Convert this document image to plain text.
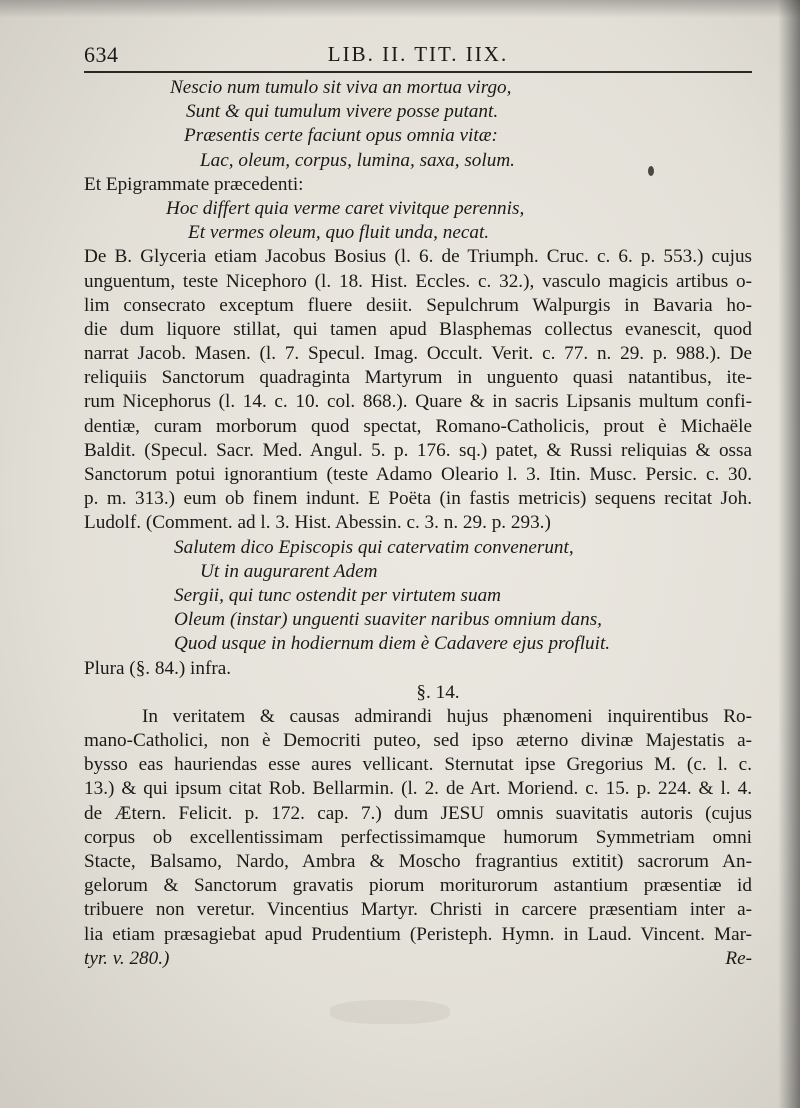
634	LIB. II. TIT. IIX.
Nescio num tumulo sit viva an mortua virgo,
Sunt & qui tumulum vivere posse putant.
Præsentis certe faciunt opus omnia vitæ:
Lac, oleum, corpus, lumina, saxa, solum.
Et Epigrammate præcedenti:
Hoc differt quia verme caret vivitque perennis,
Et vermes oleum, quo fluit unda, necat.
De B. Glyceria etiam Jacobus Bosius (l. 6. de Triumph. Cruc. c. 6. p. 553.) cujus
unguentum, teste Nicephoro (l. 18. Hist. Eccles. c. 32.), vasculo magicis artibus o-
lim consecrato exceptum fluere desiit. Sepulchrum Walpurgis in Bavaria ho-
die dum liquore stillat, qui tamen apud Blasphemas collectus evanescit, quod
narrat Jacob. Masen. (l. 7. Specul. Imag. Occult. Verit. c. 77. n. 29. p. 988.). De
reliquiis Sanctorum quadraginta Martyrum in unguento quasi natantibus, ite-
rum Nicephorus (l. 14. c. 10. col. 868.). Quare & in sacris Lipsanis multum confi-
dentiæ, curam morborum quod spectat, Romano-Catholicis, prout è Michaële
Baldit. (Specul. Sacr. Med. Angul. 5. p. 176. sq.) patet, & Russi reliquias & ossa
Sanctorum potui ignorantium (teste Adamo Oleario l. 3. Itin. Musc. Persic. c. 30.
p. m. 313.) eum ob finem indunt. E Poëta (in fastis metricis) sequens recitat Joh.
Ludolf. (Comment. ad l. 3. Hist. Abessin. c. 3. n. 29. p. 293.)
Salutem dico Episcopis qui catervatim convenerunt,
Ut in augurarent Adem
Sergii, qui tunc ostendit per virtutem suam
Oleum (instar) unguenti suaviter naribus omnium dans,
Quod usque in hodiernum diem è Cadavere ejus profluit.
Plura (§. 84.) infra.
§. 14.
In veritatem & causas admirandi hujus phænomeni inquirentibus Ro-
mano-Catholici, non è Democriti puteo, sed ipso æterno divinæ Majestatis a-
bysso eas hauriendas esse aures vellicant. Sternutat ipse Gregorius M. (c. l. c.
13.) & qui ipsum citat Rob. Bellarmin. (l. 2. de Art. Moriend. c. 15. p. 224. & l. 4.
de Ætern. Felicit. p. 172. cap. 7.) dum JESU omnis suavitatis autoris (cujus
corpus ob excellentissimam perfectissimamque humorum Symmetriam omni
Stacte, Balsamo, Nardo, Ambra & Moscho fragrantius extitit) sacrorum An-
gelorum & Sanctorum gravatis piorum moriturorum astantium præsentiæ id
tribuere non veretur. Vincentius Martyr. Christi in carcere præsentiam inter a-
lia etiam præsagiebat apud Prudentium (Peristeph. Hymn. in Laud. Vincent. Mar-
tyr. v. 280.)	Re-
